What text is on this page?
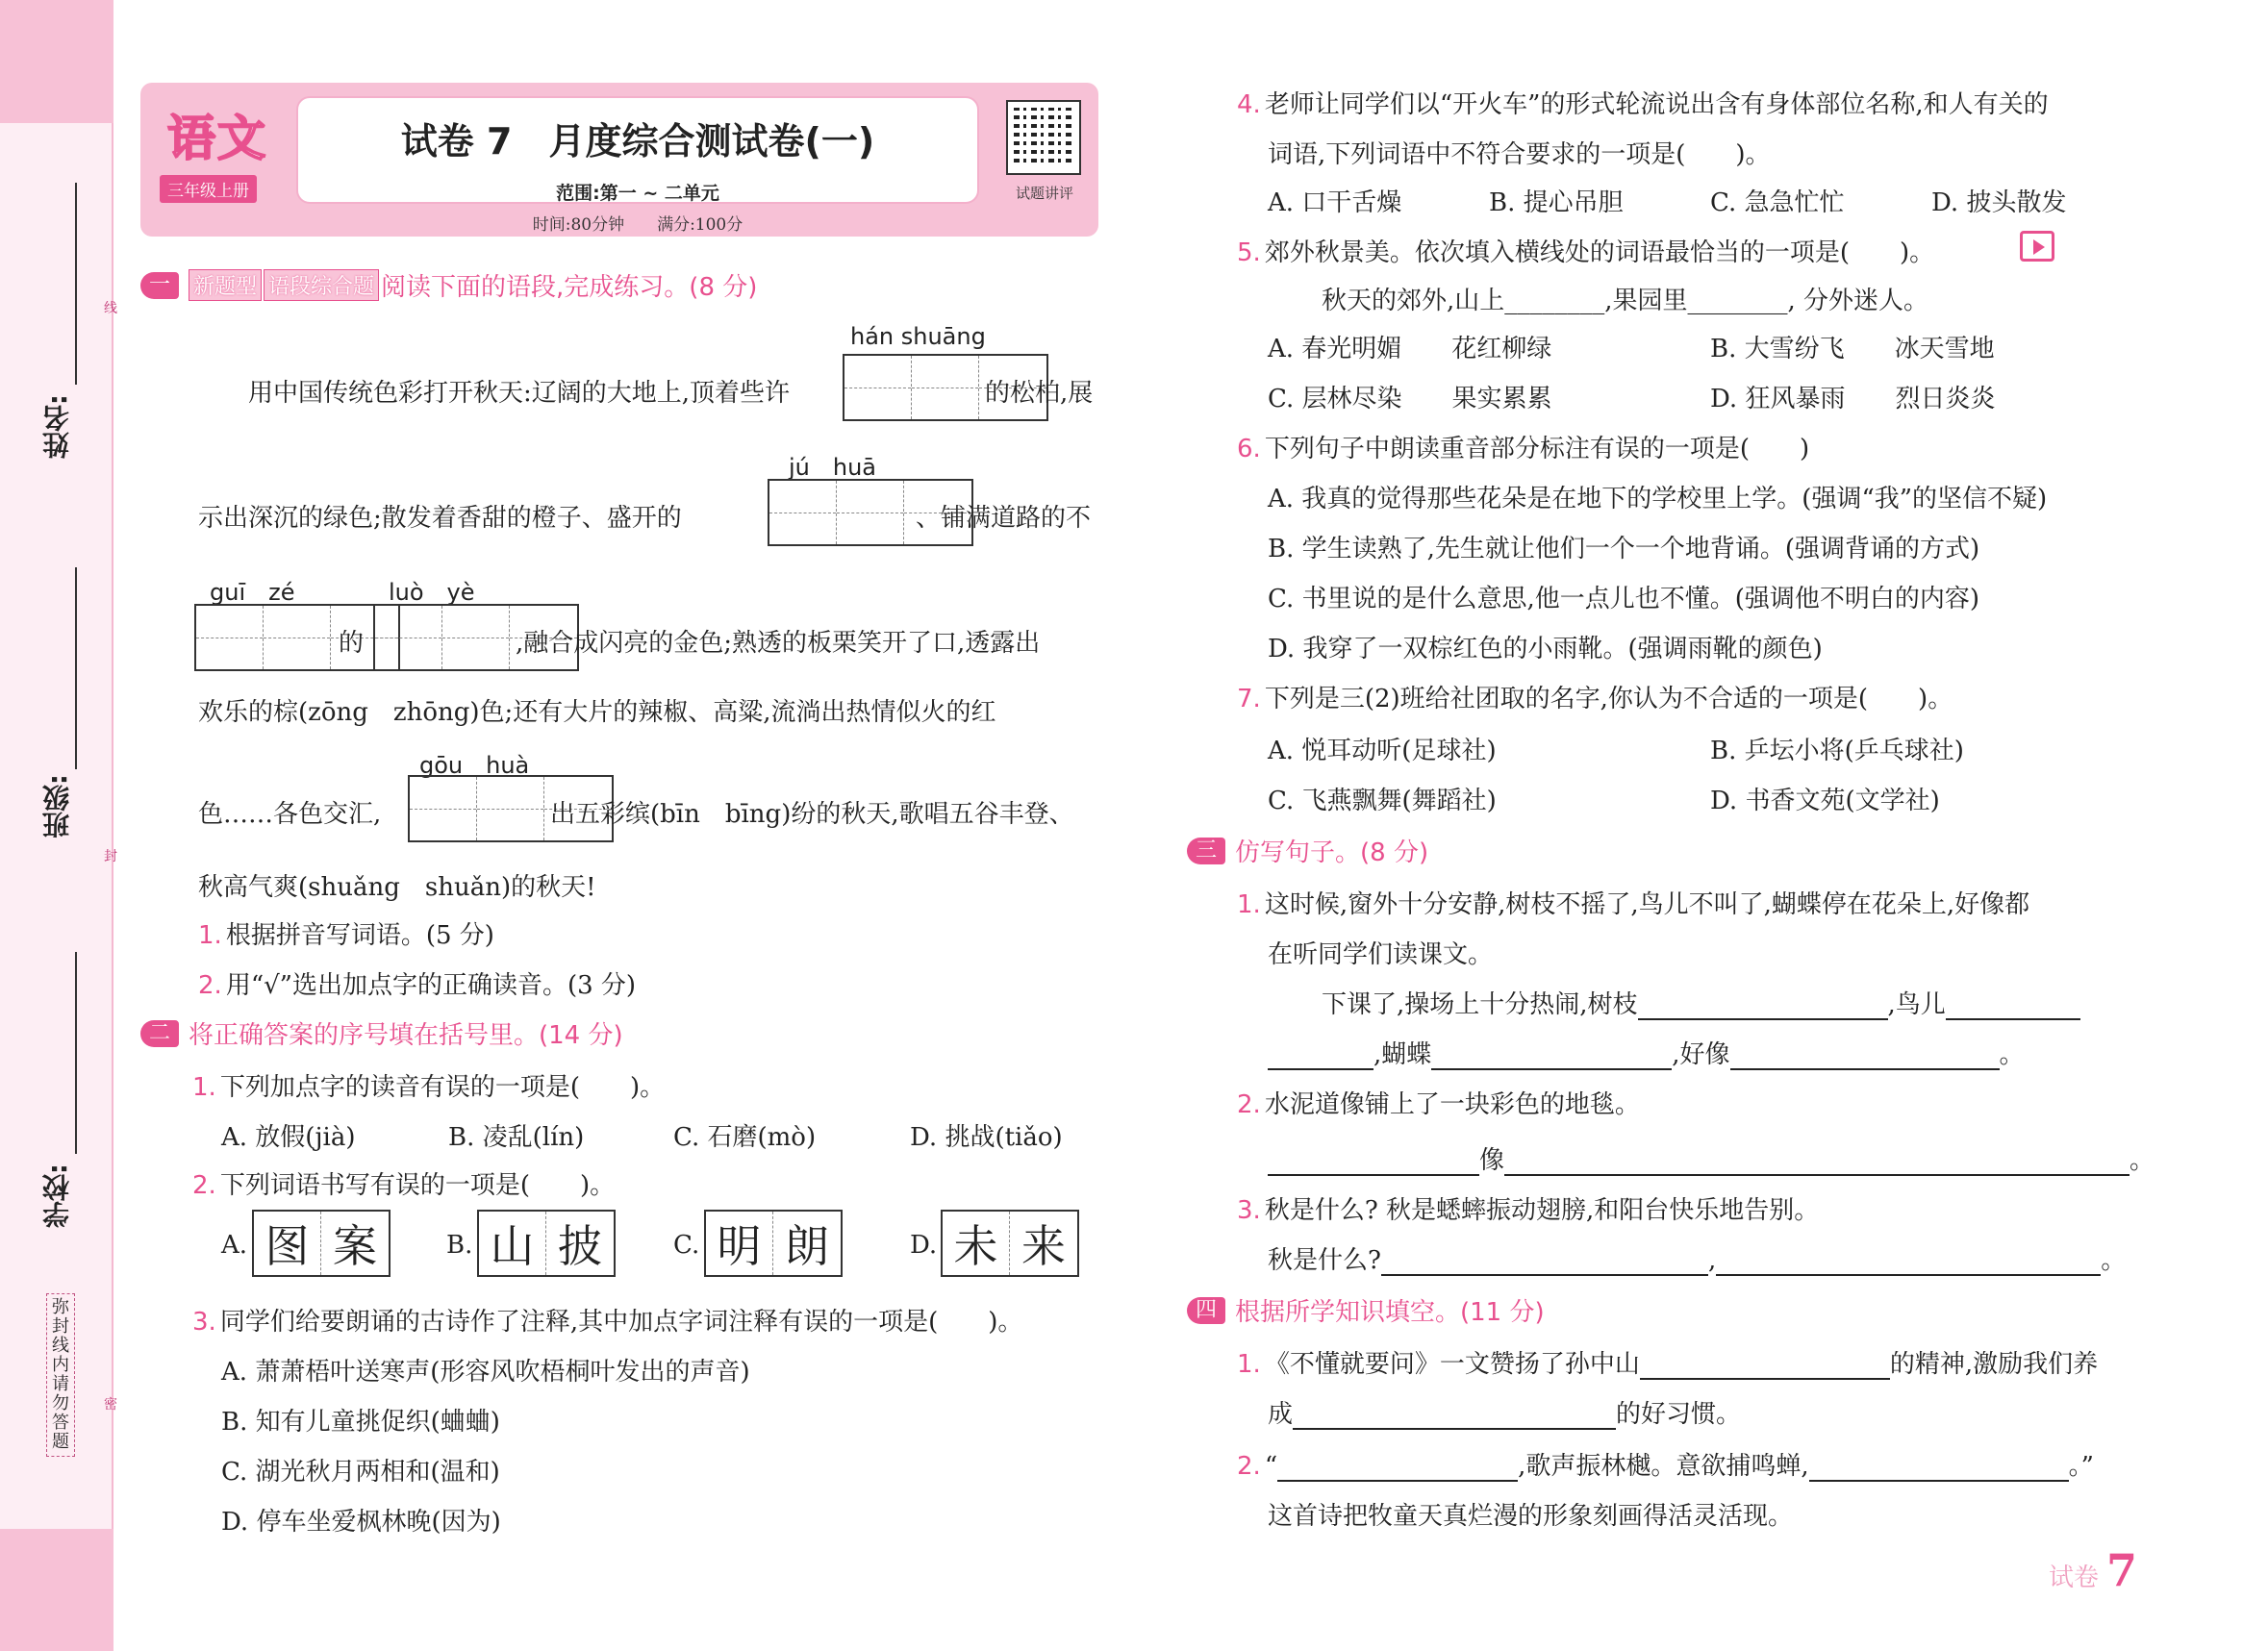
姓名:
班级:
学校:
线
封
密
弥封线内请勿答题
语文
三年级上册
试卷 7　月度综合测试卷(一)
范围:第一 ~ 二单元
时间:80分钟　　满分:100分
试题讲评
一	新题型 语段综合题 阅读下面的语段,完成练习。(8 分)
hán shuāng
用中国传统色彩打开秋天:辽阔的大地上,顶着些许	的松柏,展
jú　huā
示出深沉的绿色;散发着香甜的橙子、盛开的	、铺满道路的不
guī　zé
的
luò　yè
,融合成闪亮的金色;熟透的板栗笑开了口,透露出
欢乐的棕(zōng　zhōng)色;还有大片的辣椒、高粱,流淌出热情似火的红
gōu　huà
色……各色交汇,	出五彩缤(bīn　bīng)纷的秋天,歌唱五谷丰登、
秋高气爽(shuǎng　shuǎn)的秋天!
1. 根据拼音写词语。(5 分)
2. 用“√”选出加点字的正确读音。(3 分)
二 将正确答案的序号填在括号里。(14 分)
1. 下列加点字的读音有误的一项是(　　)。
A. 放假(jià)	B. 凌乱(lín)	C. 石磨(mò)	D. 挑战(tiǎo)
2. 下列词语书写有误的一项是(　　)。
A. 图 案	B. 山 披	C. 明 朗	D. 未 来
3. 同学们给要朗诵的古诗作了注释,其中加点字词注释有误的一项是(　　)。
A. 萧萧梧叶送寒声(形容风吹梧桐叶发出的声音)
B. 知有儿童挑促织(蛐蛐)
C. 湖光秋月两相和(温和)
D. 停车坐爱枫林晚(因为)
4. 老师让同学们以“开火车”的形式轮流说出含有身体部位名称,和人有关的
词语,下列词语中不符合要求的一项是(　　)。
A. 口干舌燥	B. 提心吊胆	C. 急急忙忙	D. 披头散发
5. 郊外秋景美。依次填入横线处的词语最恰当的一项是(　　)。
秋天的郊外,山上________,果园里________, 分外迷人。
A. 春光明媚　　花红柳绿	B. 大雪纷飞　　冰天雪地
C. 层林尽染　　果实累累	D. 狂风暴雨　　烈日炎炎
6. 下列句子中朗读重音部分标注有误的一项是(　　)
A. 我真的觉得那些花朵是在地下的学校里上学。(强调“我”的坚信不疑)
B. 学生读熟了,先生就让他们一个一个地背诵。(强调背诵的方式)
C. 书里说的是什么意思,他一点儿也不懂。(强调他不明白的内容)
D. 我穿了一双棕红色的小雨靴。(强调雨靴的颜色)
7. 下列是三(2)班给社团取的名字,你认为不合适的一项是(　　)。
A. 悦耳动听(足球社)	B. 乒坛小将(乒乓球社)
C. 飞燕飘舞(舞蹈社)	D. 书香文苑(文学社)
三 仿写句子。(8 分)
1. 这时候,窗外十分安静,树枝不摇了,鸟儿不叫了,蝴蝶停在花朵上,好像都
在听同学们读课文。
下课了,操场上十分热闹,树枝	,鸟儿
,蝴蝶	,好像	。
2. 水泥道像铺上了一块彩色的地毯。
像	。
3. 秋是什么? 秋是蟋蟀振动翅膀,和阳台快乐地告别。
秋是什么?	,	。
四 根据所学知识填空。(11 分)
1. 《不懂就要问》一文赞扬了孙中山	的精神,激励我们养
成	的好习惯。
2. “	,歌声振林樾。意欲捕鸣蝉,	。”
这首诗把牧童天真烂漫的形象刻画得活灵活现。
试卷 7
